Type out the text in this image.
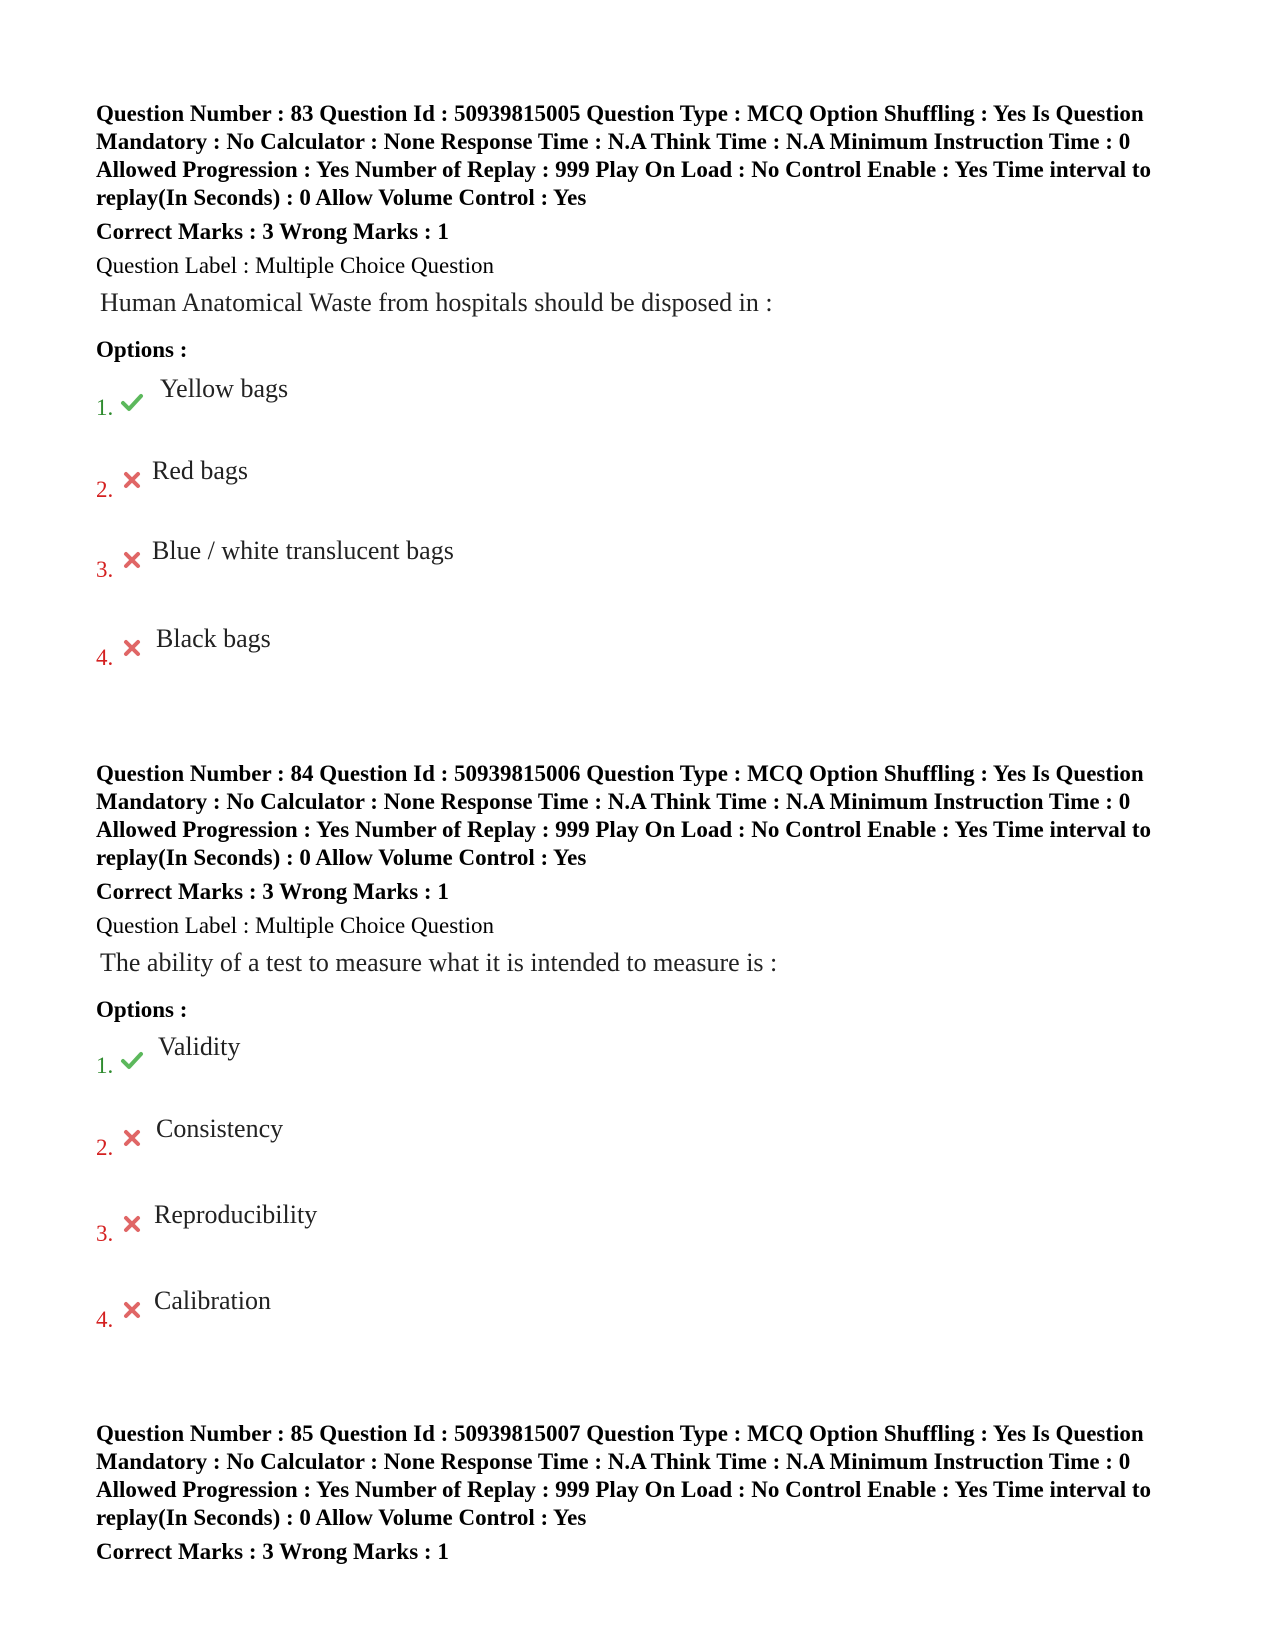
Question Number : 83 Question Id : 50939815005 Question Type : MCQ Option Shuffling : Yes Is Question Mandatory : No Calculator : None Response Time : N.A Think Time : N.A Minimum Instruction Time : 0 Allowed Progression : Yes Number of Replay : 999 Play On Load : No Control Enable : Yes Time interval to replay(In Seconds) : 0 Allow Volume Control : Yes

Correct Marks : 3 Wrong Marks : 1
Question Label : Multiple Choice Question
Human Anatomical Waste from hospitals should be disposed in :
Options :
1.
Yellow bags
2.
Red bags
3.
Blue / white translucent bags
4.
Black bags

Question Number : 84 Question Id : 50939815006 Question Type : MCQ Option Shuffling : Yes Is Question Mandatory : No Calculator : None Response Time : N.A Think Time : N.A Minimum Instruction Time : 0 Allowed Progression : Yes Number of Replay : 999 Play On Load : No Control Enable : Yes Time interval to replay(In Seconds) : 0 Allow Volume Control : Yes

Correct Marks : 3 Wrong Marks : 1
Question Label : Multiple Choice Question
The ability of a test to measure what it is intended to measure is :
Options :
1.
Validity
2.
Consistency
3.
Reproducibility
4.
Calibration

Question Number : 85 Question Id : 50939815007 Question Type : MCQ Option Shuffling : Yes Is Question Mandatory : No Calculator : None Response Time : N.A Think Time : N.A Minimum Instruction Time : 0 Allowed Progression : Yes Number of Replay : 999 Play On Load : No Control Enable : Yes Time interval to replay(In Seconds) : 0 Allow Volume Control : Yes

Correct Marks : 3 Wrong Marks : 1
